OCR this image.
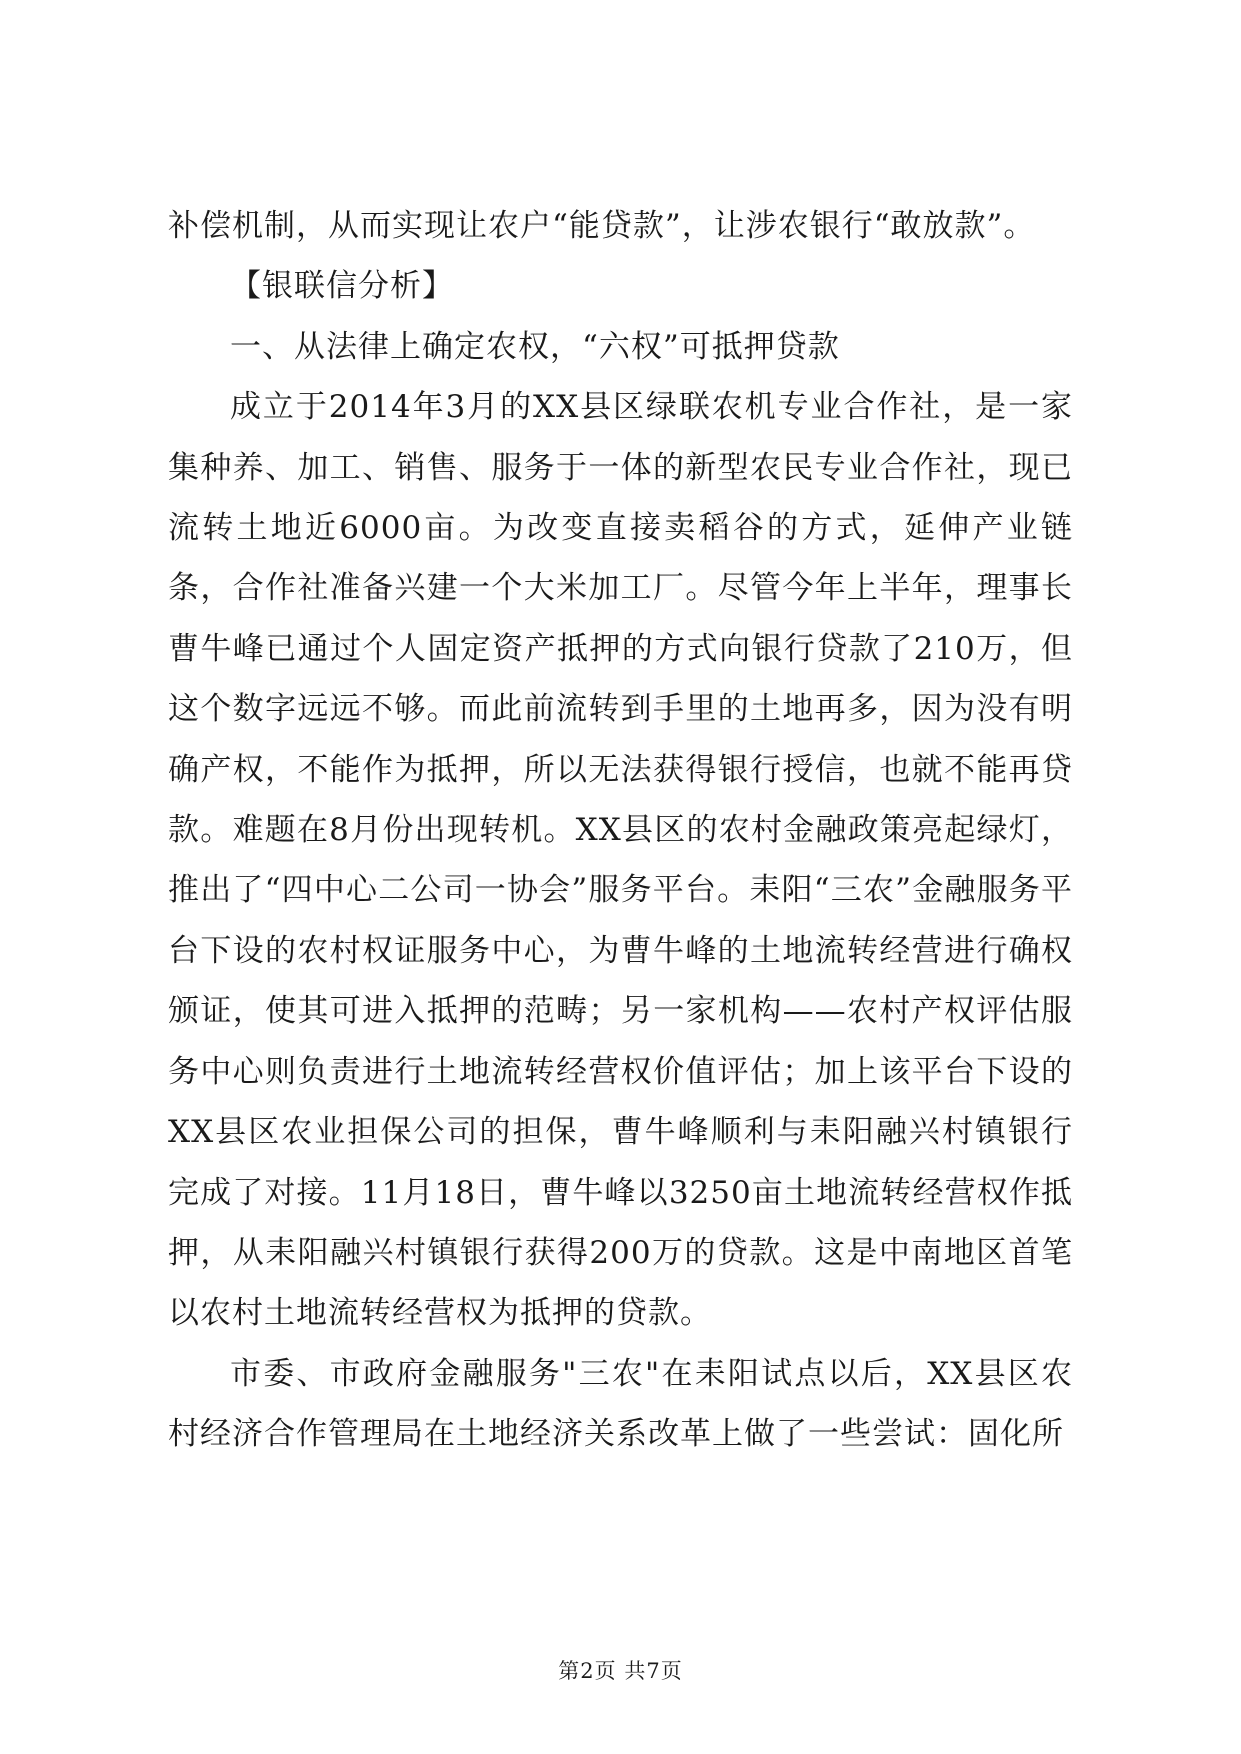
补偿机制，从而实现让农户“能贷款”，让涉农银行“敢放款”。

【银联信分析】

一、从法律上确定农权，“六权”可抵押贷款

成立于2014年3月的XX县区绿联农机专业合作社，是一家集种养、加工、销售、服务于一体的新型农民专业合作社，现已流转土地近6000亩。为改变直接卖稻谷的方式，延伸产业链条，合作社准备兴建一个大米加工厂。尽管今年上半年，理事长曹牛峰已通过个人固定资产抵押的方式向银行贷款了210万，但这个数字远远不够。而此前流转到手里的土地再多，因为没有明确产权，不能作为抵押，所以无法获得银行授信，也就不能再贷款。难题在8月份出现转机。XX县区的农村金融政策亮起绿灯，推出了“四中心二公司一协会”服务平台。耒阳“三农”金融服务平台下设的农村权证服务中心，为曹牛峰的土地流转经营进行确权颁证，使其可进入抵押的范畴；另一家机构——农村产权评估服务中心则负责进行土地流转经营权价值评估；加上该平台下设的XX县区农业担保公司的担保，曹牛峰顺利与耒阳融兴村镇银行完成了对接。11月18日，曹牛峰以3250亩土地流转经营权作抵押，从耒阳融兴村镇银行获得200万的贷款。这是中南地区首笔以农村土地流转经营权为抵押的贷款。

市委、市政府金融服务"三农"在耒阳试点以后，XX县区农村经济合作管理局在土地经济关系改革上做了一些尝试：固化所

第2页 共7页
